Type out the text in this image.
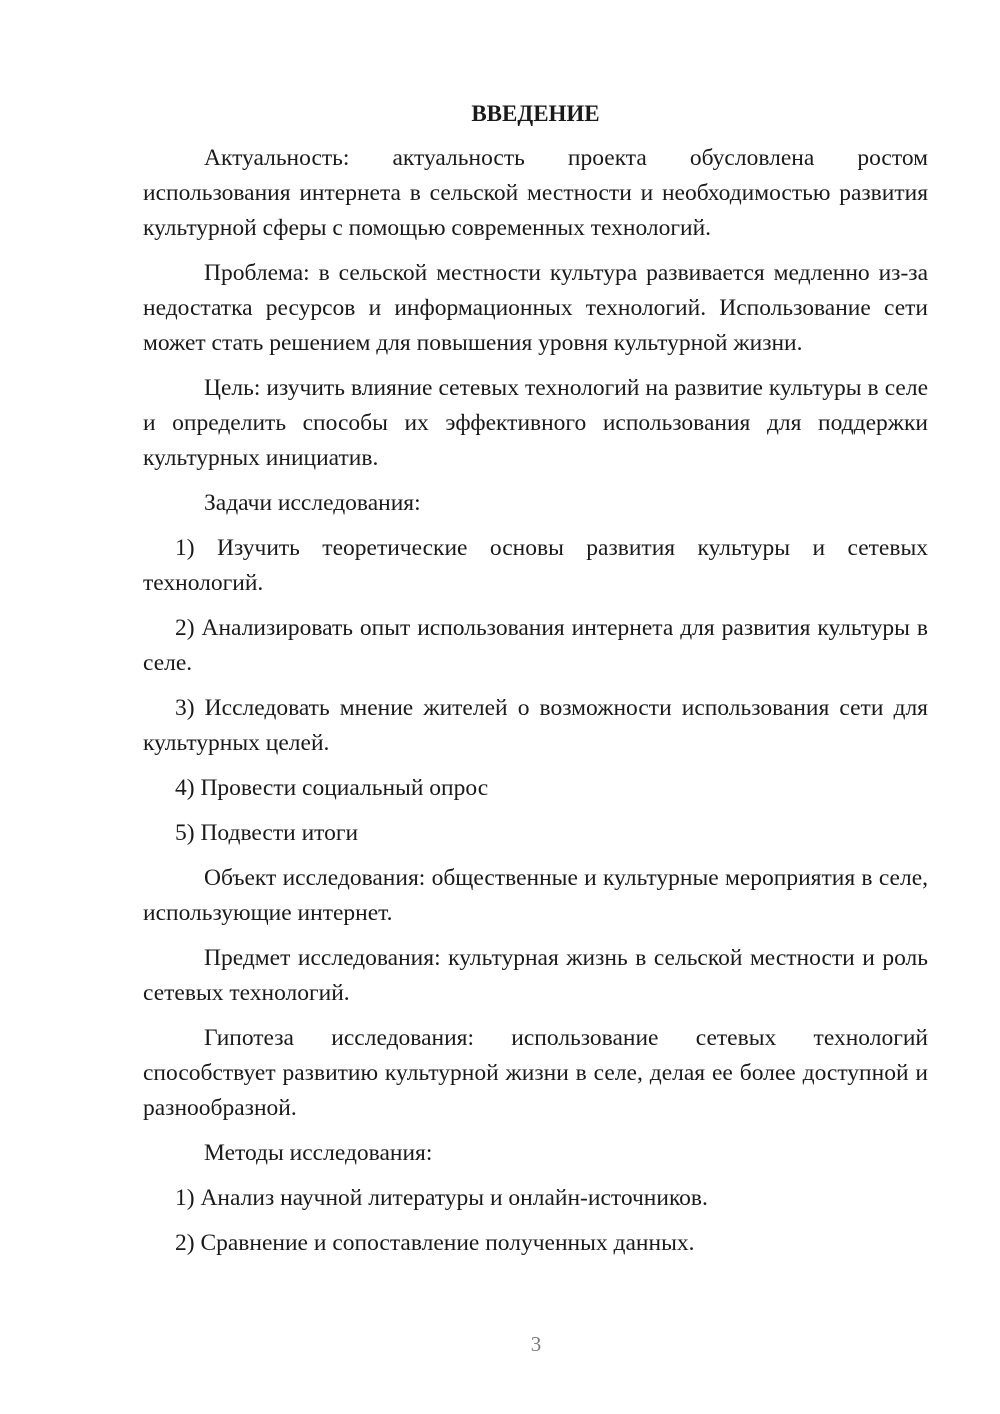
ВВЕДЕНИЕ

Актуальность: актуальность проекта обусловлена ростом использования интернета в сельской местности и необходимостью развития культурной сферы с помощью современных технологий.

Проблема: в сельской местности культура развивается медленно из-за недостатка ресурсов и информационных технологий. Использование сети может стать решением для повышения уровня культурной жизни.

Цель: изучить влияние сетевых технологий на развитие культуры в селе и определить способы их эффективного использования для поддержки культурных инициатив.

Задачи исследования:

1) Изучить теоретические основы развития культуры и сетевых технологий.

2) Анализировать опыт использования интернета для развития культуры в селе.

3) Исследовать мнение жителей о возможности использования сети для культурных целей.

4) Провести социальный опрос

5) Подвести итоги

Объект исследования: общественные и культурные мероприятия в селе, использующие интернет.

Предмет исследования: культурная жизнь в сельской местности и роль сетевых технологий.

Гипотеза исследования: использование сетевых технологий способствует развитию культурной жизни в селе, делая ее более доступной и разнообразной.

Методы исследования:

1) Анализ научной литературы и онлайн-источников.

2) Сравнение и сопоставление полученных данных.

3
